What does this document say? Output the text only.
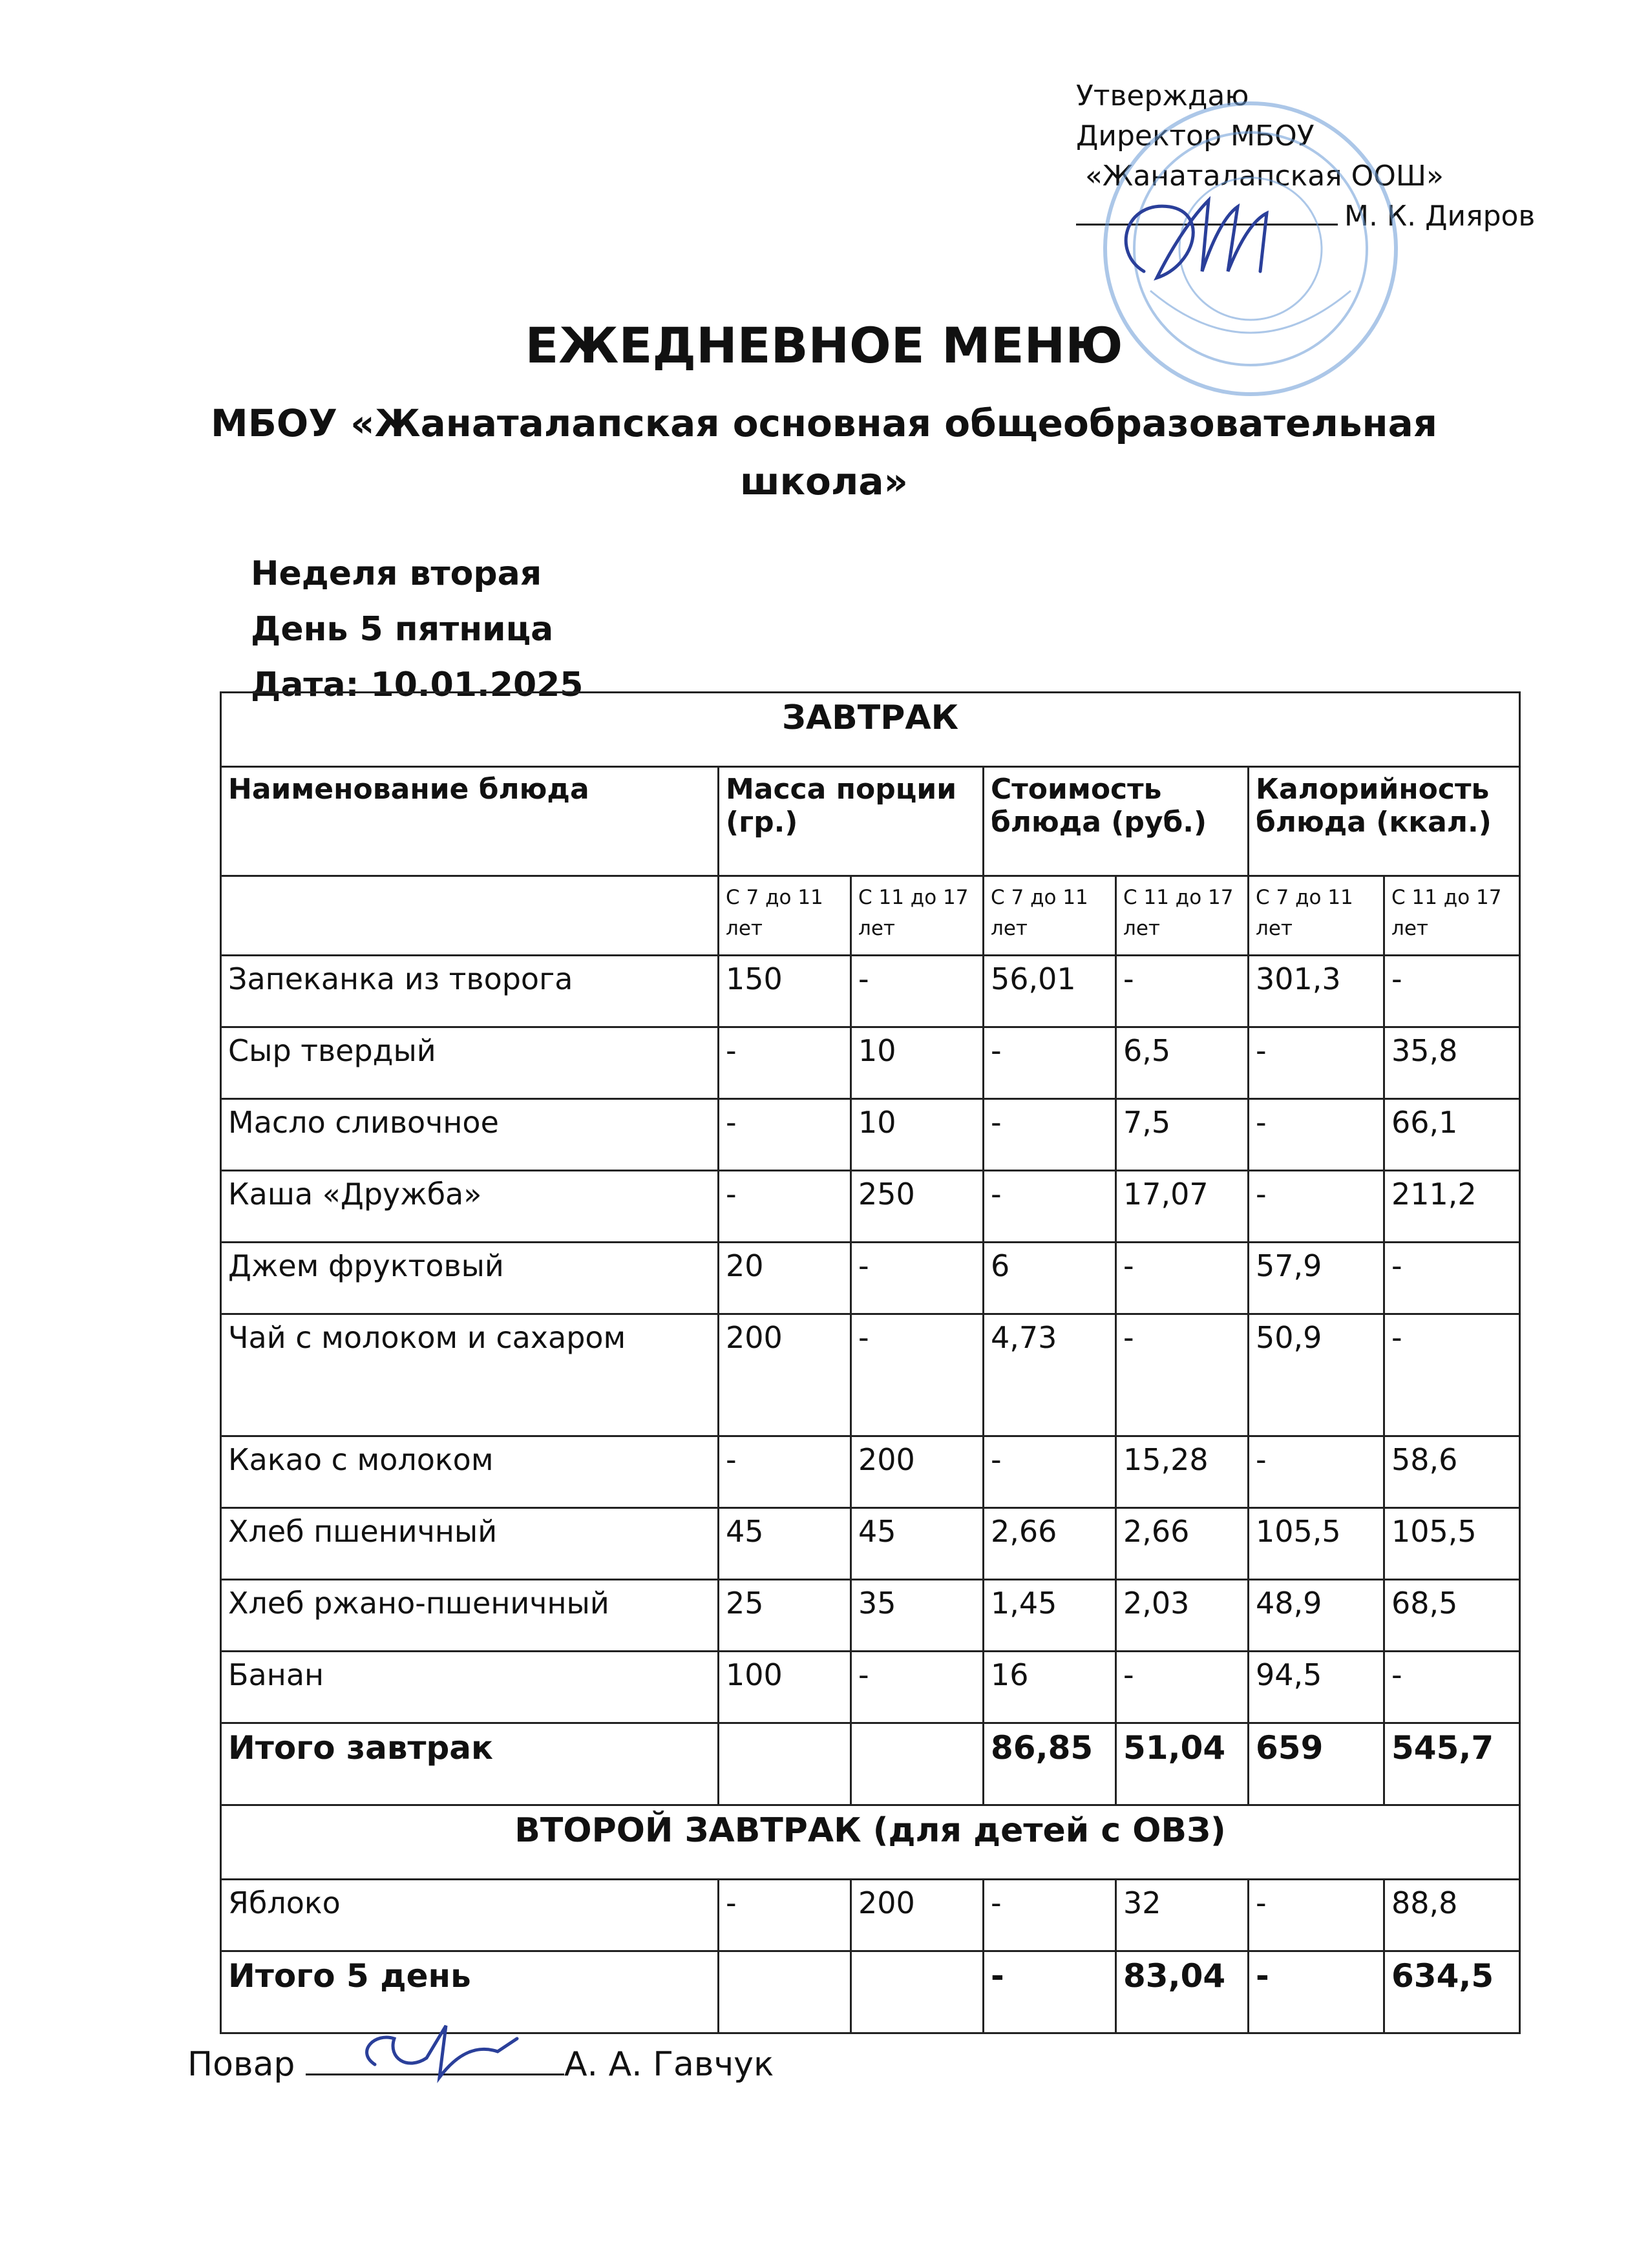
Утверждаю
Директор МБОУ
«Жанаталапская ООШ»
М. К. Дияров
ЕЖЕДНЕВНОЕ МЕНЮ
МБОУ «Жанаталапская основная общеобразовательная
школа»
Неделя вторая
День 5 пятница
Дата: 10.01.2025
ЗАВТРАК						
Наименование блюда	Масса порции (гр.)		Стоимость блюда (руб.)		Калорийность блюда (ккал.)	
	С 7 до 11 лет	С 11 до 17 лет	С 7 до 11 лет	С 11 до 17 лет	С 7 до 11 лет	С 11 до 17 лет
Запеканка из творога	150	-	56,01	-	301,3	-
Сыр твердый	-	10	-	6,5	-	35,8
Масло сливочное	-	10	-	7,5	-	66,1
Каша «Дружба»	-	250	-	17,07	-	211,2
Джем фруктовый	20	-	6	-	57,9	-
Чай с молоком и сахаром	200	-	4,73	-	50,9	-
Какао с молоком	-	200	-	15,28	-	58,6
Хлеб пшеничный	45	45	2,66	2,66	105,5	105,5
Хлеб ржано-пшеничный	25	35	1,45	2,03	48,9	68,5
Банан	100	-	16	-	94,5	-
Итого завтрак			86,85	51,04	659	545,7
ВТОРОЙ ЗАВТРАК (для детей с ОВЗ)						
Яблоко	-	200	-	32	-	88,8
Итого 5 день			-	83,04	-	634,5
Повар	А. А. Гавчук
